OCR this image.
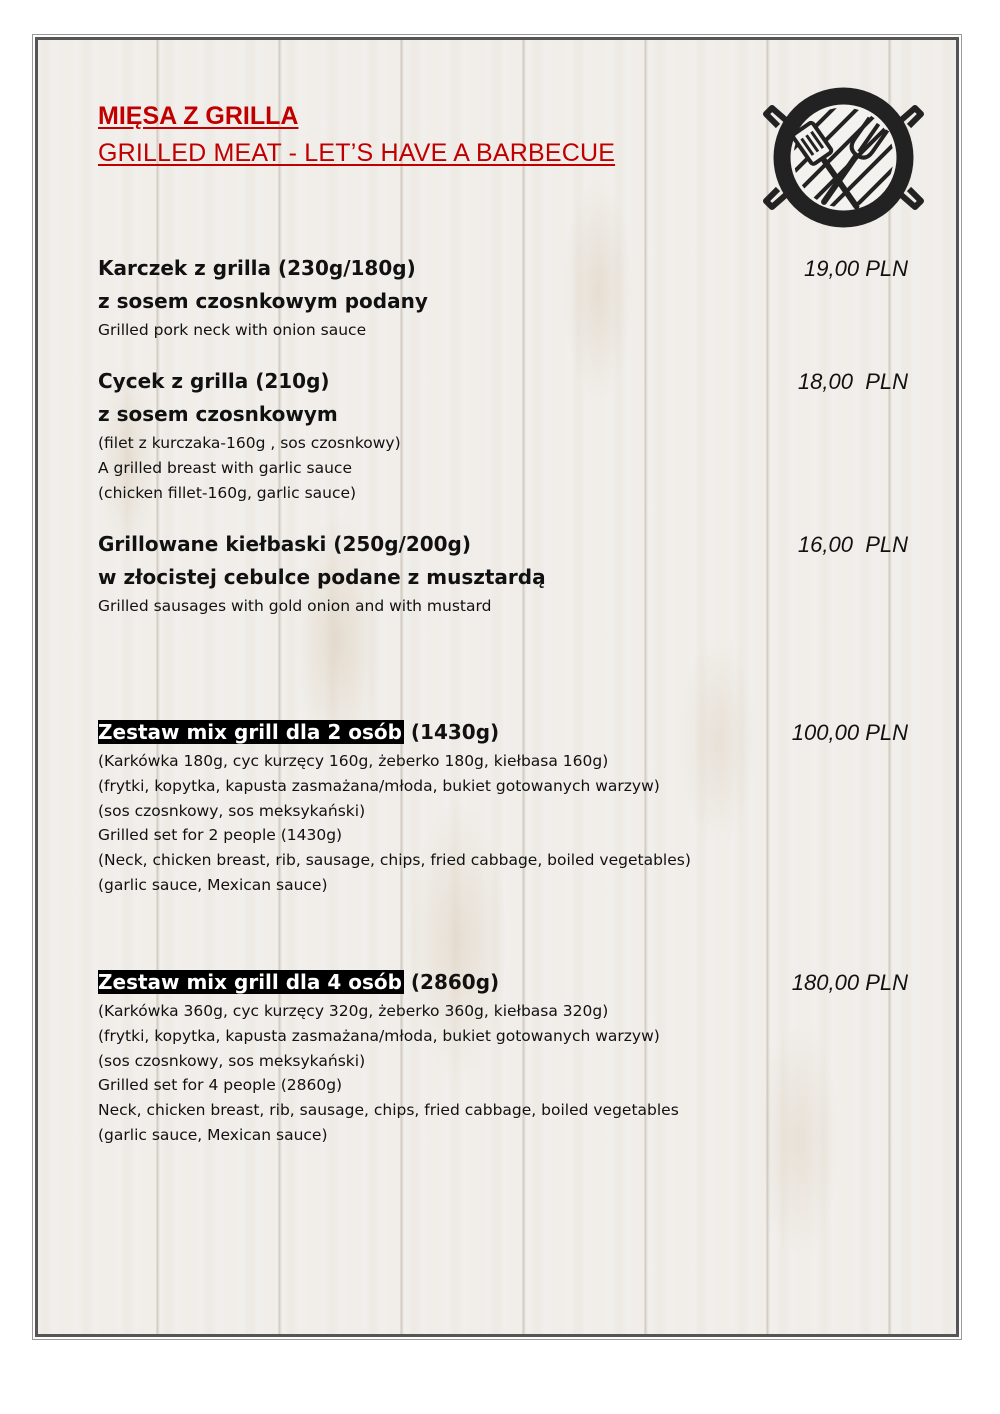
MIĘSA Z GRILLA
GRILLED MEAT - LET’S HAVE A BARBECUE

Karczek z grilla (230g/180g)
z sosem czosnkowym podany

Grilled pork neck with onion sauce

19,00 PLN

Cycek z grilla (210g)
z sosem czosnkowym

(filet z kurczaka-160g , sos czosnkowy)
A grilled breast with garlic sauce
(chicken fillet-160g, garlic sauce)

18,00  PLN

Grillowane kiełbaski (250g/200g)
w złocistej cebulce podane z musztardą

Grilled sausages with gold onion and with mustard

16,00  PLN

Zestaw mix grill dla 2 osób (1430g)

(Karkówka 180g, cyc kurzęcy 160g, żeberko 180g, kiełbasa 160g)
(frytki, kopytka, kapusta zasmażana/młoda, bukiet gotowanych warzyw)
(sos czosnkowy, sos meksykański)
Grilled set for 2 people (1430g)
(Neck, chicken breast, rib, sausage, chips, fried cabbage, boiled vegetables)
(garlic sauce, Mexican sauce)

100,00 PLN

Zestaw mix grill dla 4 osób (2860g)

(Karkówka 360g, cyc kurzęcy 320g, żeberko 360g, kiełbasa 320g)
(frytki, kopytka, kapusta zasmażana/młoda, bukiet gotowanych warzyw)
(sos czosnkowy, sos meksykański)
Grilled set for 4 people (2860g)
Neck, chicken breast, rib, sausage, chips, fried cabbage, boiled vegetables
(garlic sauce, Mexican sauce)

180,00 PLN
